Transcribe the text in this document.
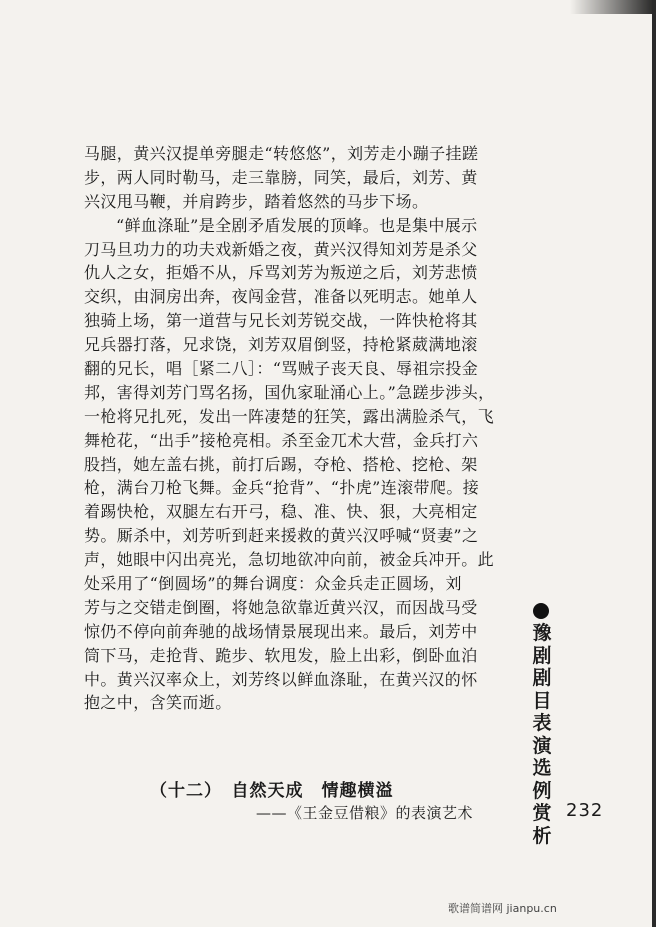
马腿，黄兴汉提单旁腿走“转悠悠”，刘芳走小蹦子挂蹉
步，两人同时勒马，走三靠膀，同笑，最后，刘芳、黄
兴汉甩马鞭，并肩跨步，踏着悠然的马步下场。
“鲜血涤耻”是全剧矛盾发展的顶峰。也是集中展示
刀马旦功力的功夫戏新婚之夜，黄兴汉得知刘芳是杀父
仇人之女，拒婚不从，斥骂刘芳为叛逆之后，刘芳悲愤
交织，由洞房出奔，夜闯金营，准备以死明志。她单人
独骑上场，第一道营与兄长刘芳锐交战，一阵快枪将其
兄兵器打落，兄求饶，刘芳双眉倒竖，持枪紧葳满地滚
翻的兄长，唱［紧二八］：“骂贼子丧天良、辱祖宗投金
邦，害得刘芳门骂名扬，国仇家耻涌心上。”急蹉步涉头，
一枪将兄扎死，发出一阵凄楚的狂笑，露出满脸杀气，飞
舞枪花，“出手”接枪亮相。杀至金兀术大营，金兵打六
股挡，她左盖右挑，前打后踢，夺枪、搭枪、挖枪、架
枪，满台刀枪飞舞。金兵“抢背”、“扑虎”连滚带爬。接
着踢快枪，双腿左右开弓，稳、准、快、狠，大亮相定
势。厮杀中，刘芳听到赶来援救的黄兴汉呼喊“贤妻”之
声，她眼中闪出亮光，急切地欲冲向前，被金兵冲开。此
处采用了“倒圆场”的舞台调度：众金兵走正圆场，刘
芳与之交错走倒圈，将她急欲靠近黄兴汉，而因战马受
惊仍不停向前奔驰的战场情景展现出来。最后，刘芳中
筒下马，走抢背、跪步、软甩发，脸上出彩，倒卧血泊
中。黄兴汉率众上，刘芳终以鲜血涤耻，在黄兴汉的怀
抱之中，含笑而逝。
（十二）　自然天成　情趣横溢
——《王金豆借粮》的表演艺术
豫
剧
剧
目
表
演
选
例
赏
析
232
歌谱简谱网 jianpu.cn
